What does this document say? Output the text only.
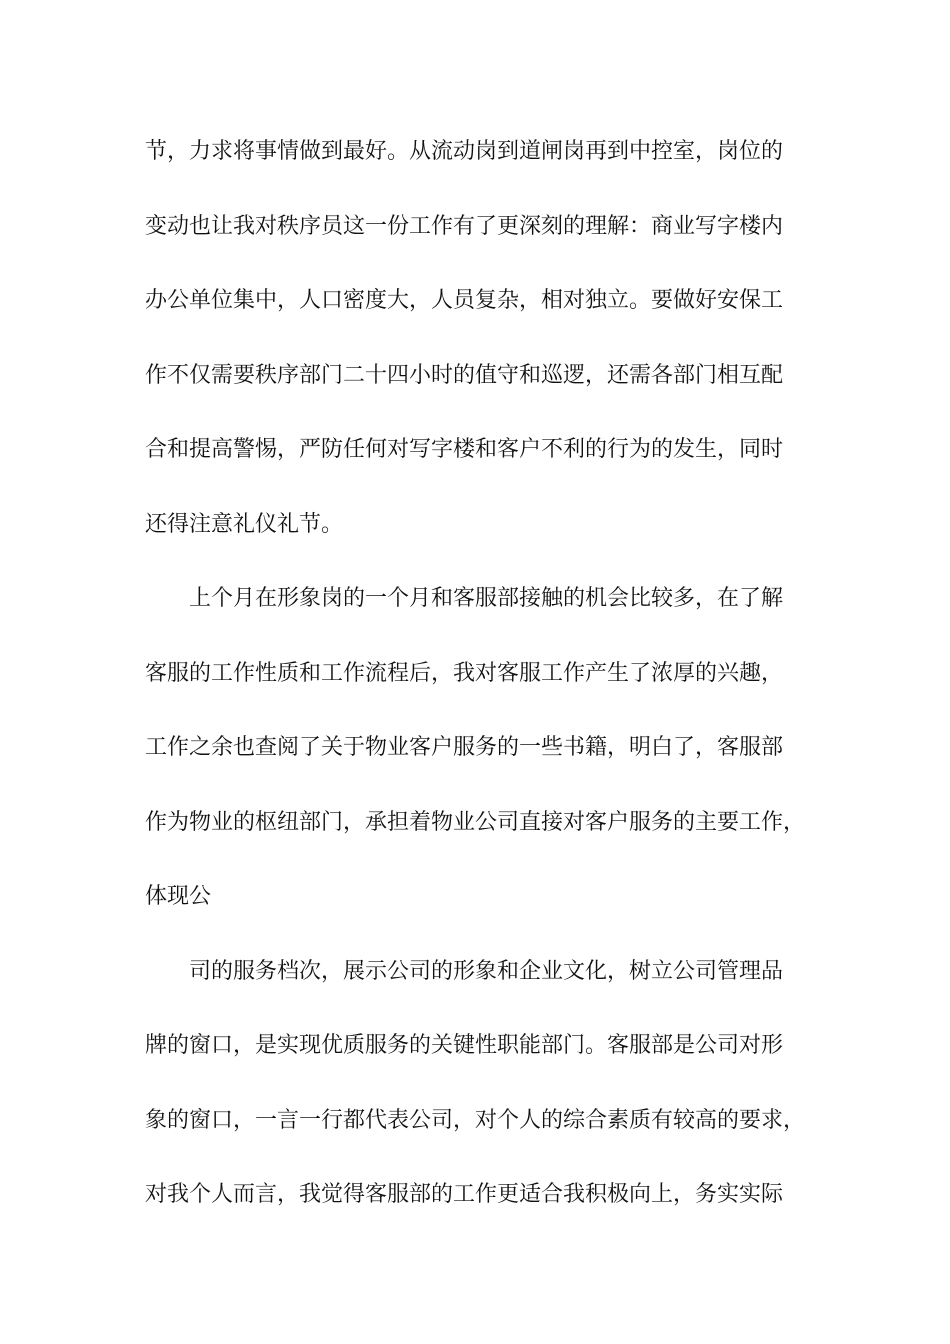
节，力求将事情做到最好。从流动岗到道闸岗再到中控室，岗位的
变动也让我对秩序员这一份工作有了更深刻的理解：商业写字楼内
办公单位集中，人口密度大，人员复杂，相对独立。要做好安保工
作不仅需要秩序部门二十四小时的值守和巡逻，还需各部门相互配
合和提高警惕，严防任何对写字楼和客户不利的行为的发生，同时
还得注意礼仪礼节。
上个月在形象岗的一个月和客服部接触的机会比较多，在了解
客服的工作性质和工作流程后，我对客服工作产生了浓厚的兴趣，
工作之余也查阅了关于物业客户服务的一些书籍，明白了，客服部
作为物业的枢纽部门，承担着物业公司直接对客户服务的主要工作，
体现公
司的服务档次，展示公司的形象和企业文化，树立公司管理品
牌的窗口，是实现优质服务的关键性职能部门。客服部是公司对形
象的窗口，一言一行都代表公司，对个人的综合素质有较高的要求，
对我个人而言，我觉得客服部的工作更适合我积极向上，务实实际
